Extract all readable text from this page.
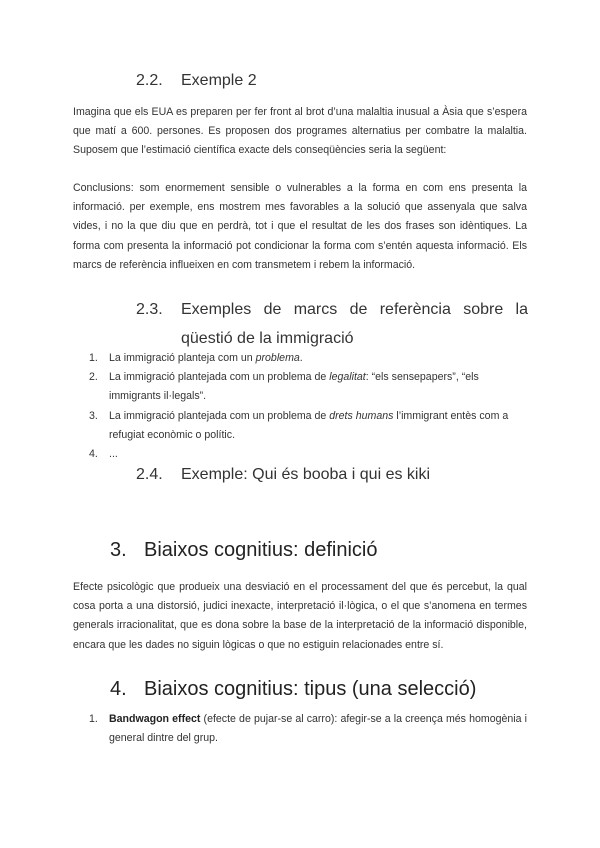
2.2. Exemple 2
Imagina que els EUA es preparen per fer front al brot d’una malaltia inusual a Àsia que s’espera que matí a 600. persones. Es proposen dos programes alternatius per combatre la malaltia. Suposem que l’estimació científica exacte dels conseqüències seria la següent:
Conclusions: som enormement sensible o vulnerables a la forma en com ens presenta la informació. per exemple, ens mostrem mes favorables a la solució que assenyala que salva vides, i no la que diu que en perdrà, tot i que el resultat de les dos frases son idèntiques. La forma com presenta la informació pot condicionar la forma com s’entén aquesta informació. Els marcs de referència influeixen en com transmetem i rebem la informació.
2.3.	Exemples de marcs de referència sobre la
qüestió de la immigració
1. La immigració planteja com un problema.
2. La immigració plantejada com un problema de legalitat: “els sensepapers”, “els immigrants il·legals”.
3. La immigració plantejada com un problema de drets humans l’immigrant entès com a refugiat econòmic o polític.
4. ...
2.4. Exemple: Qui és booba i qui es kiki
3. Biaixos cognitius: definició
Efecte psicològic que produeix una desviació en el processament del que és percebut, la qual cosa porta a una distorsió, judici inexacte, interpretació il·lògica, o el que s’anomena en termes generals irracionalitat, que es dona sobre la base de la interpretació de la informació disponible, encara que les dades no siguin lògicas o que no estiguin relacionades entre sí.
4. Biaixos cognitius: tipus (una selecció)
1. Bandwagon effect (efecte de pujar-se al carro): afegir-se a la creença més homogènia i general dintre del grup.
